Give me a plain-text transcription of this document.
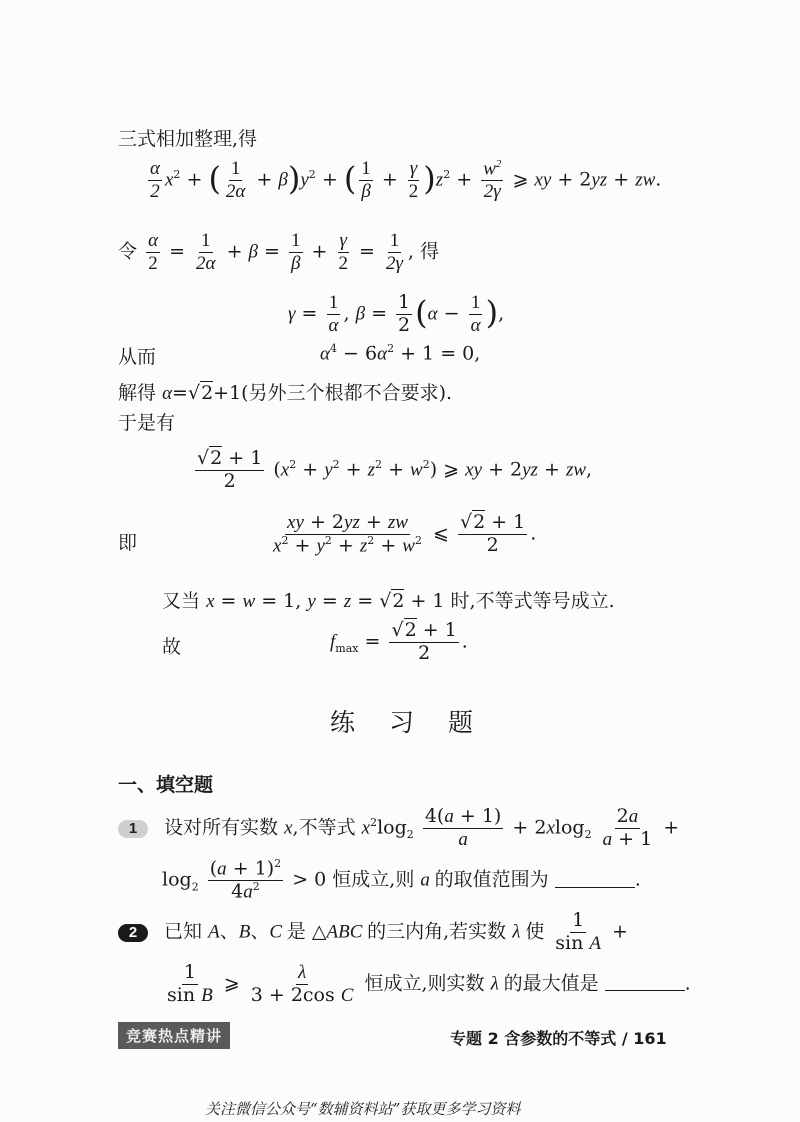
三式相加整理,得
$\frac{\alpha}{2} x^2$ + ( $\frac{1}{2\alpha} + \beta)y^2$ + ( $\frac{1}{\beta} + \frac{\gamma}{2} )z^2 + \frac{w^2}{2\gamma}$ ⩾ xy + 2yz + zw.
令 $\frac{\alpha}{2} = \frac{1}{2\alpha} + \beta = \frac{1}{\beta} + \frac{\gamma}{2} = \frac{1}{2\gamma}$ , 得
$\gamma = \frac{1}{\alpha}$ , $\beta = \frac{1}{2} (\alpha - \frac{1}{\alpha}$ ),
从而	$\alpha^4 - 6\alpha^2 + 1 = 0$,
解得 α=√2+1(另外三个根都不合要求).
于是有
$\frac{√2 + 1}{2} (x^2 + y^2 + z^2 + w^2)$ ⩾ xy + 2yz + zw,
即	$\frac{xy + 2yz + zw}{x^2 + y^2 + z^2 + w^2}$ ⩽ $\frac{√2 + 1}{2}$ .
又当 x = w = 1, y = z = √2 + 1 时,不等式等号成立.
故	$f_{max} = \frac{√2 + 1}{2}$ .
练习题
一、填空题
1 设对所有实数 x,不等式 $x^2\log_2 \frac{4(a + 1)}{a} + 2xlog_2 \frac{2a}{a + 1}$ +
$\log_2 \frac{(a + 1)^2}{4a^2} > 0$ 恒成立,则 a 的取值范围为	.
2 已知 A、B、C 是 △ABC 的三内角,若实数 λ 使 $\frac{1}{\text{sin A}}$ +
$\frac{1}{\text{sin B}}$ ⩾ $\frac{\lambda}{\text{3 + 2cos C}}$ 恒成立,则实数 λ 的最大值是	.
竞赛热点精讲	专题 2 含参数的不等式 / 161
关注微信公众号“数辅资料站”获取更多学习资料
